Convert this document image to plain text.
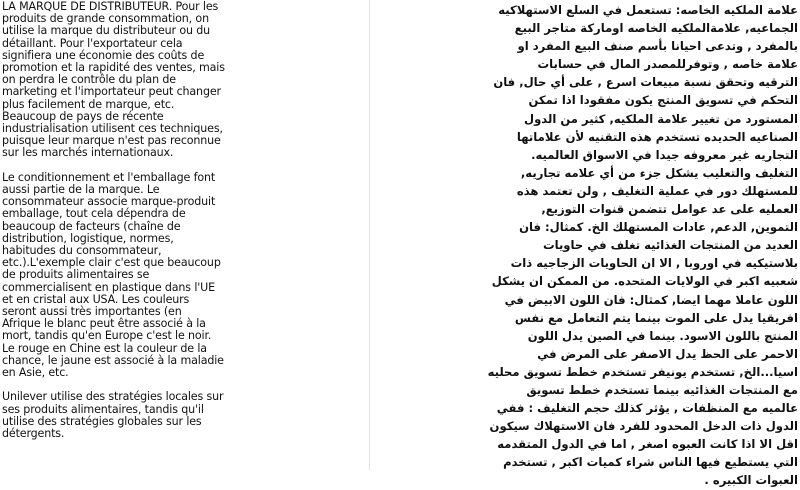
LA MARQUE DE DISTRIBUTEUR. Pour les
produits de grande consommation, on
utilise la marque du distributeur ou du
détaillant. Pour l'exportateur cela
signifiera une économie des coûts de
promotion et la rapidité des ventes, mais
on perdra le contrôle du plan de
marketing et l'importateur peut changer
plus facilement de marque, etc.
Beaucoup de pays de récente
industrialisation utilisent ces techniques,
puisque leur marque n'est pas reconnue
sur les marchés internationaux.

Le conditionnement et l'emballage font
aussi partie de la marque. Le
consommateur associe marque-produit
emballage, tout cela dépendra de
beaucoup de facteurs (chaîne de
distribution, logistique, normes,
habitudes du consommateur,
etc.).L'exemple clair c'est que beaucoup
de produits alimentaires se
commercialisent en plastique dans l'UE
et en cristal aux USA. Les couleurs
seront aussi très importantes (en
Afrique le blanc peut être associé à la
mort, tandis qu'en Europe c'est le noir.
Le rouge en Chine est la couleur de la
chance, le jaune est associé à la maladie
en Asie, etc.

Unilever utilise des stratégies locales sur
ses produits alimentaires, tandis qu'il
utilise des stratégies globales sur les
détergents.

علامة الملكيه الخاصه: تستعمل في السلع الاستهلاكيه
الجماعيه, علامةالملكيه الخاصه اوماركة متاجر البيع
بالمفرد , وتدعى احيانا بأسم صنف البيع المفرد او
علامة خاصه , وتوفرللمصدر المال في حسابات
الترقيه وتحقق نسبة مبيعات اسرع , على أي حال, فان
التحكم في تسويق المنتج يكون مفقودا اذا تمكن
المستورد من تغيير علامة الملكيه, كثير من الدول
الصناعيه الحديده تستخدم هذه التقنيه لأن علاماتها
التجاريه غير معروفه جيدا في الاسواق العالميه.
التغليف والتعليب يشكل جزء من أي علامه تجاريه,
للمستهلك دور في عملية التغليف , ولن تعتمد هذه
العمليه على عد عوامل تتضمن قنوات التوزيع,
التموين, الدعم, عادات المستهلك الخ. كمثال: فان
العديد من المنتجات الغذائيه تغلف في حاويات
بلاستيكيه في اوروبا , الا ان الحاويات الزجاجيه ذات
شعبيه اكبر في الولايات المتحده. من الممكن ان يشكل
اللون عاملا مهما ايضا, كمثال: فان اللون الابيض في
افريقيا يدل على الموت بينما يتم التعامل مع نفس
المنتج باللون الاسود. بينما في الصين يدل اللون
الاحمر على الحظ يدل الاصفر على المرض في
اسيا...الخ, تستخدم يونيفر تستخدم خطط تسويق محليه
مع المنتجات الغذائيه بينما تستخدم خطط تسويق
عالميه مع المنظفات , يؤثر كذلك حجم التغليف : ففي
الدول ذات الدخل المحدود للفرد فان الاستهلاك سيكون
اقل الا اذا كانت العبوه اصغر , اما في الدول المتقدمه
التي يستطيع فيها الناس شراء كميات اكبر , تستخدم
العبوات الكبيره .
